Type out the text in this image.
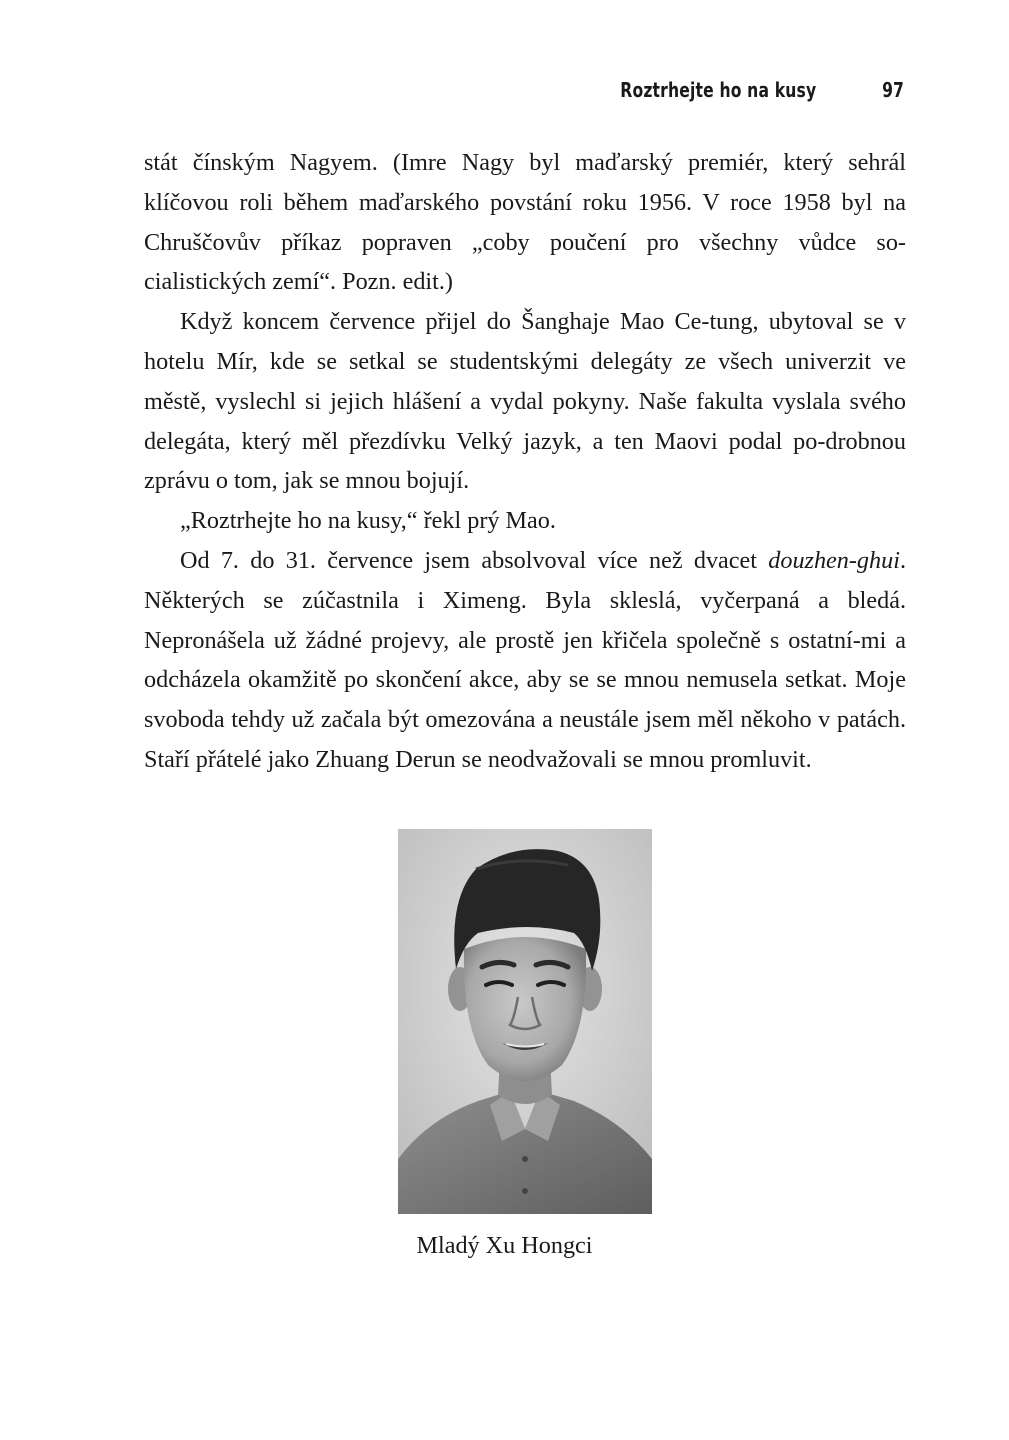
Roztrhejte ho na kusy	97

stát čínským Nagyem. (Imre Nagy byl maďarský premiér, který sehrál klíčovou roli během maďarského povstání roku 1956. V roce 1958 byl na Chruščovův příkaz popraven „coby poučení pro všechny vůdce so-cialistických zemí“. Pozn. edit.)

Když koncem července přijel do Šanghaje Mao Ce-tung, ubytoval se v hotelu Mír, kde se setkal se studentskými delegáty ze všech univerzit ve městě, vyslechl si jejich hlášení a vydal pokyny. Naše fakulta vyslala svého delegáta, který měl přezdívku Velký jazyk, a ten Maovi podal po-drobnou zprávu o tom, jak se mnou bojují.

„Roztrhejte ho na kusy,“ řekl prý Mao.

Od 7. do 31. července jsem absolvoval více než dvacet douzhen-ghui. Některých se zúčastnila i Ximeng. Byla skleslá, vyčerpaná a bledá. Nepronášela už žádné projevy, ale prostě jen křičela společně s ostatní-mi a odcházela okamžitě po skončení akce, aby se se mnou nemusela setkat. Moje svoboda tehdy už začala být omezována a neustále jsem měl někoho v patách. Staří přátelé jako Zhuang Derun se neodvažovali se mnou promluvit.

Mladý Xu Hongci
